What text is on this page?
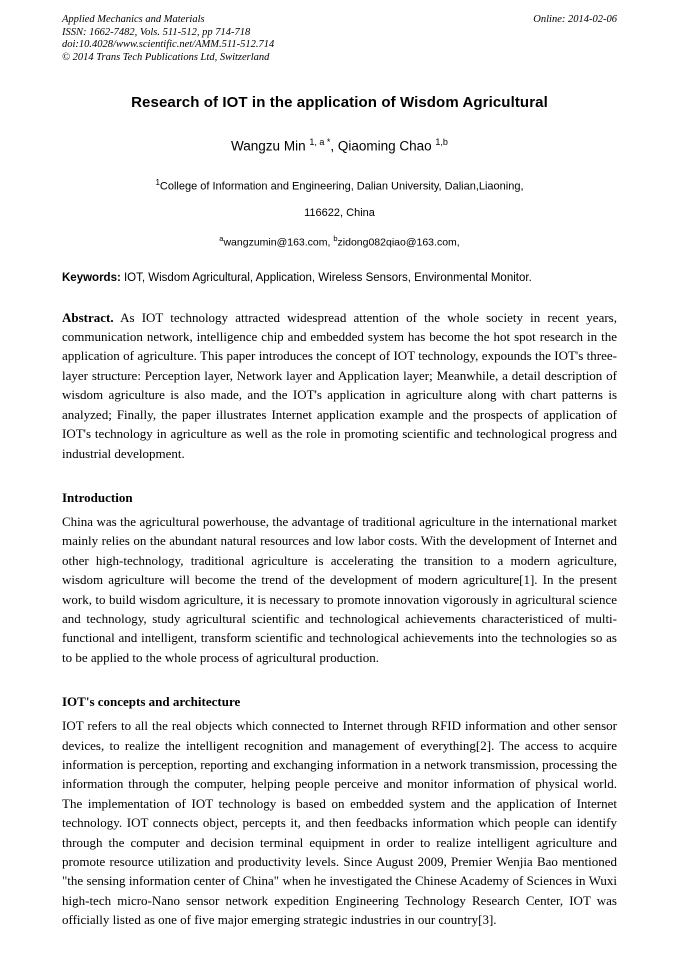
Applied Mechanics and Materials
ISSN: 1662-7482, Vols. 511-512, pp 714-718
doi:10.4028/www.scientific.net/AMM.511-512.714
© 2014 Trans Tech Publications Ltd, Switzerland
Online: 2014-02-06
Research of IOT in the application of Wisdom Agricultural
Wangzu Min $^{1, a *}$, Qiaoming Chao $^{1,b}$
$^1$College of Information and Engineering, Dalian University, Dalian,Liaoning,
116622, China
$^a$wangzumin@163.com, $^b$zidong082qiao@163.com,
Keywords: IOT, Wisdom Agricultural, Application, Wireless Sensors, Environmental Monitor.
Abstract. As IOT technology attracted widespread attention of the whole society in recent years, communication network, intelligence chip and embedded system has become the hot spot research in the application of agriculture. This paper introduces the concept of IOT technology, expounds the IOT's three-layer structure: Perception layer, Network layer and Application layer; Meanwhile, a detail description of wisdom agriculture is also made, and the IOT's application in agriculture along with chart patterns is analyzed; Finally, the paper illustrates Internet application example and the prospects of application of IOT's technology in agriculture as well as the role in promoting scientific and technological progress and industrial development.
Introduction
China was the agricultural powerhouse, the advantage of traditional agriculture in the international market mainly relies on the abundant natural resources and low labor costs. With the development of Internet and other high-technology, traditional agriculture is accelerating the transition to a modern agriculture, wisdom agriculture will become the trend of the development of modern agriculture[1]. In the present work, to build wisdom agriculture, it is necessary to promote innovation vigorously in agricultural science and technology, study agricultural scientific and technological achievements characteristiced of multi-functional and intelligent, transform scientific and technological achievements into the technologies so as to be applied to the whole process of agricultural production.
IOT's concepts and architecture
IOT refers to all the real objects which connected to Internet through RFID information and other sensor devices, to realize the intelligent recognition and management of everything[2]. The access to acquire information is perception, reporting and exchanging information in a network transmission, processing the information through the computer, helping people perceive and monitor information of physical world. The implementation of IOT technology is based on embedded system and the application of Internet technology. IOT connects object, percepts it, and then feedbacks information which people can identify through the computer and decision terminal equipment in order to realize intelligent agriculture and promote resource utilization and productivity levels. Since August 2009, Premier Wenjia Bao mentioned "the sensing information center of China" when he investigated the Chinese Academy of Sciences in Wuxi high-tech micro-Nano sensor network expedition Engineering Technology Research Center, IOT was officially listed as one of five major emerging strategic industries in our country[3].
